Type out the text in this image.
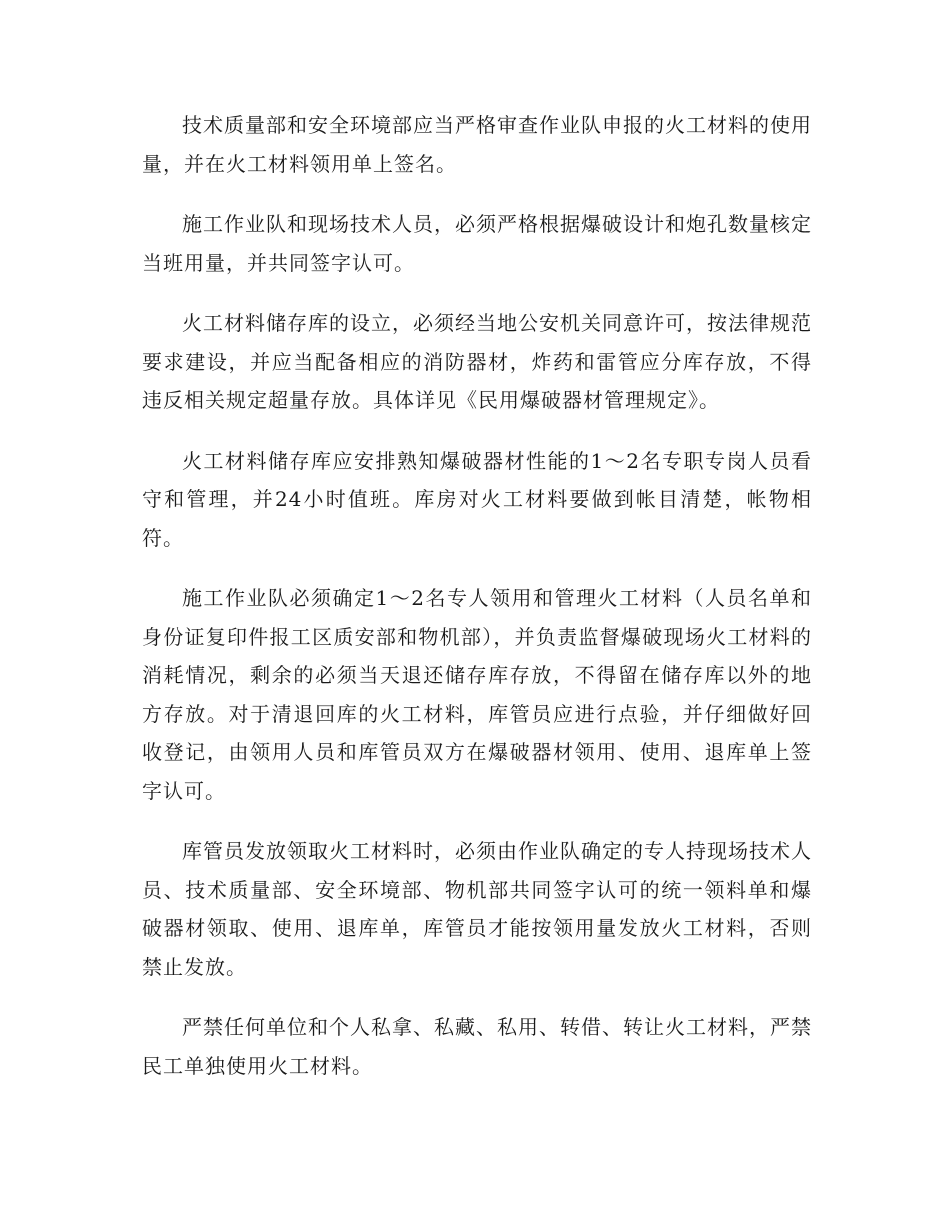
技术质量部和安全环境部应当严格审查作业队申报的火工材料的使用量，并在火工材料领用单上签名。

施工作业队和现场技术人员，必须严格根据爆破设计和炮孔数量核定当班用量，并共同签字认可。

火工材料储存库的设立，必须经当地公安机关同意许可，按法律规范要求建设，并应当配备相应的消防器材，炸药和雷管应分库存放，不得违反相关规定超量存放。具体详见《民用爆破器材管理规定》。

火工材料储存库应安排熟知爆破器材性能的1～2名专职专岗人员看守和管理，并24小时值班。库房对火工材料要做到帐目清楚，帐物相符。

施工作业队必须确定1～2名专人领用和管理火工材料（人员名单和身份证复印件报工区质安部和物机部），并负责监督爆破现场火工材料的消耗情况，剩余的必须当天退还储存库存放，不得留在储存库以外的地方存放。对于清退回库的火工材料，库管员应进行点验，并仔细做好回收登记，由领用人员和库管员双方在爆破器材领用、使用、退库单上签字认可。

库管员发放领取火工材料时，必须由作业队确定的专人持现场技术人员、技术质量部、安全环境部、物机部共同签字认可的统一领料单和爆破器材领取、使用、退库单，库管员才能按领用量发放火工材料，否则禁止发放。

严禁任何单位和个人私拿、私藏、私用、转借、转让火工材料，严禁民工单独使用火工材料。
